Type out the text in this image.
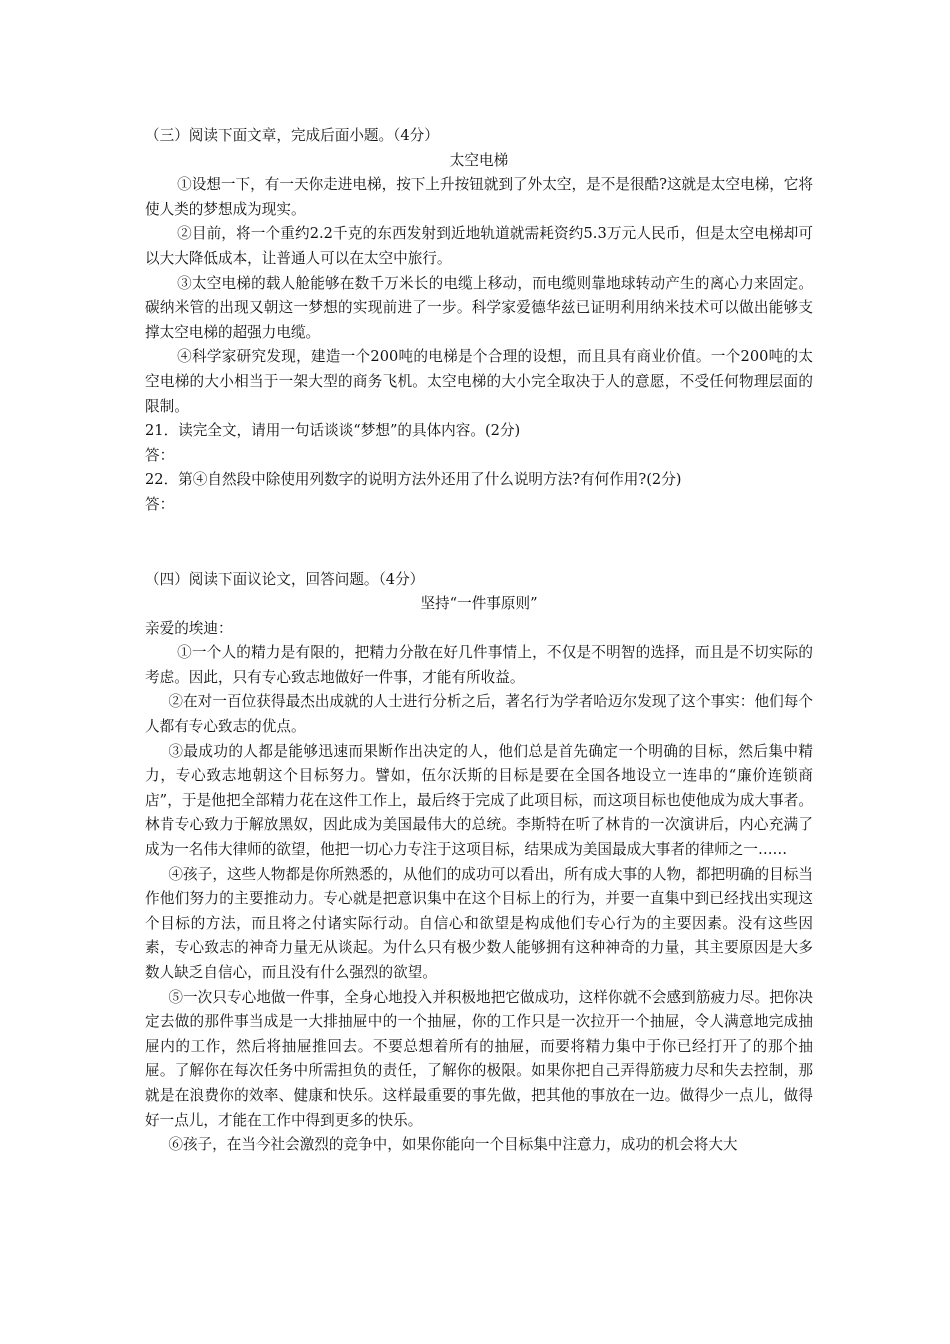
（三）阅读下面文章，完成后面小题。（4分）
太空电梯
①设想一下，有一天你走进电梯，按下上升按钮就到了外太空，是不是很酷?这就是太空电梯，它将使人类的梦想成为现实。
②目前，将一个重约2.2千克的东西发射到近地轨道就需耗资约5.3万元人民币，但是太空电梯却可以大大降低成本，让普通人可以在太空中旅行。
③太空电梯的载人舱能够在数千万米长的电缆上移动，而电缆则靠地球转动产生的离心力来固定。碳纳米管的出现又朝这一梦想的实现前进了一步。科学家爱德华兹已证明利用纳米技术可以做出能够支撑太空电梯的超强力电缆。
④科学家研究发现，建造一个200吨的电梯是个合理的设想，而且具有商业价值。一个200吨的太空电梯的大小相当于一架大型的商务飞机。太空电梯的大小完全取决于人的意愿，不受任何物理层面的限制。
21．读完全文，请用一句话谈谈“梦想”的具体内容。(2分)
答：
22．第④自然段中除使用列数字的说明方法外还用了什么说明方法?有何作用?(2分)
答：
（四）阅读下面议论文，回答问题。（4分）
坚持“一件事原则”
亲爱的埃迪：
①一个人的精力是有限的，把精力分散在好几件事情上，不仅是不明智的选择，而且是不切实际的考虑。因此，只有专心致志地做好一件事，才能有所收益。
②在对一百位获得最杰出成就的人士进行分析之后，著名行为学者哈迈尔发现了这个事实：他们每个人都有专心致志的优点。
③最成功的人都是能够迅速而果断作出决定的人，他们总是首先确定一个明确的目标，然后集中精力，专心致志地朝这个目标努力。譬如，伍尔沃斯的目标是要在全国各地设立一连串的“廉价连锁商店”，于是他把全部精力花在这件工作上，最后终于完成了此项目标，而这项目标也使他成为成大事者。林肯专心致力于解放黑奴，因此成为美国最伟大的总统。李斯特在听了林肯的一次演讲后，内心充满了成为一名伟大律师的欲望，他把一切心力专注于这项目标，结果成为美国最成大事者的律师之一……
④孩子，这些人物都是你所熟悉的，从他们的成功可以看出，所有成大事的人物，都把明确的目标当作他们努力的主要推动力。专心就是把意识集中在这个目标上的行为，并要一直集中到已经找出实现这个目标的方法，而且将之付诸实际行动。自信心和欲望是构成他们专心行为的主要因素。没有这些因素，专心致志的神奇力量无从谈起。为什么只有极少数人能够拥有这种神奇的力量，其主要原因是大多数人缺乏自信心，而且没有什么强烈的欲望。
⑤一次只专心地做一件事，全身心地投入并积极地把它做成功，这样你就不会感到筋疲力尽。把你决定去做的那件事当成是一大排抽屉中的一个抽屉，你的工作只是一次拉开一个抽屉，令人满意地完成抽屉内的工作，然后将抽屉推回去。不要总想着所有的抽屉，而要将精力集中于你已经打开了的那个抽屉。了解你在每次任务中所需担负的责任，了解你的极限。如果你把自己弄得筋疲力尽和失去控制，那就是在浪费你的效率、健康和快乐。这样最重要的事先做，把其他的事放在一边。做得少一点儿，做得好一点儿，才能在工作中得到更多的快乐。
⑥孩子，在当今社会激烈的竞争中，如果你能向一个目标集中注意力，成功的机会将大大
